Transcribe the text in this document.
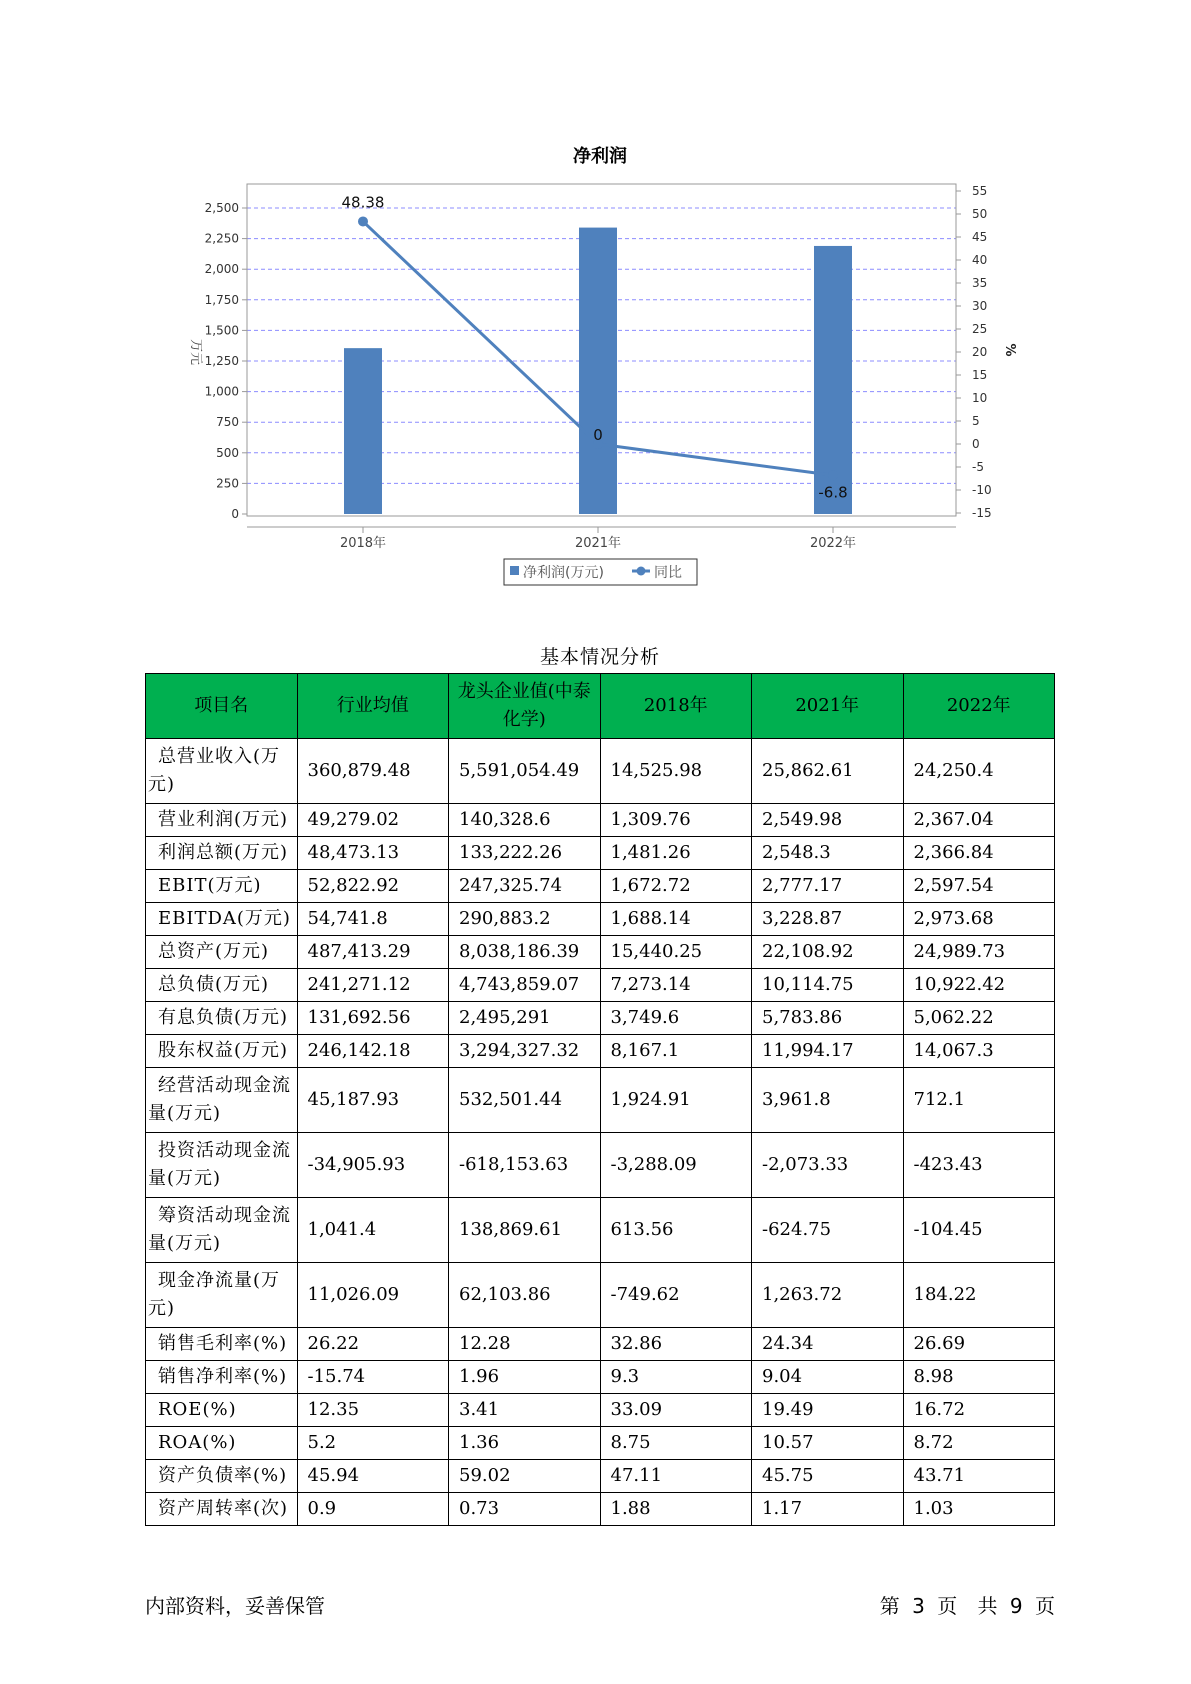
净利润
0
250
500
750
1,000
1,250
1,500
1,750
2,000
2,250
2,500
-15
-10
-5
0
5
10
15
20
25
30
35
40
45
50
55
万元	%
48.38
0
-6.8
2018年	2021年	2022年
净利润(万元)	同比
基本情况分析
项目名	行业均值	龙头企业值(中泰化学)	2018年	2021年	2022年
总营业收入(万元)	360,879.48	5,591,054.49	14,525.98	25,862.61	24,250.4
营业利润(万元)	49,279.02	140,328.6	1,309.76	2,549.98	2,367.04
利润总额(万元)	48,473.13	133,222.26	1,481.26	2,548.3	2,366.84
EBIT(万元)	52,822.92	247,325.74	1,672.72	2,777.17	2,597.54
EBITDA(万元)	54,741.8	290,883.2	1,688.14	3,228.87	2,973.68
总资产(万元)	487,413.29	8,038,186.39	15,440.25	22,108.92	24,989.73
总负债(万元)	241,271.12	4,743,859.07	7,273.14	10,114.75	10,922.42
有息负债(万元)	131,692.56	2,495,291	3,749.6	5,783.86	5,062.22
股东权益(万元)	246,142.18	3,294,327.32	8,167.1	11,994.17	14,067.3
经营活动现金流量(万元)	45,187.93	532,501.44	1,924.91	3,961.8	712.1
投资活动现金流量(万元)	-34,905.93	-618,153.63	-3,288.09	-2,073.33	-423.43
筹资活动现金流量(万元)	1,041.4	138,869.61	613.56	-624.75	-104.45
现金净流量(万元)	11,026.09	62,103.86	-749.62	1,263.72	184.22
销售毛利率(%)	26.22	12.28	32.86	24.34	26.69
销售净利率(%)	-15.74	1.96	9.3	9.04	8.98
ROE(%)	12.35	3.41	33.09	19.49	16.72
ROA(%)	5.2	1.36	8.75	10.57	8.72
资产负债率(%)	45.94	59.02	47.11	45.75	43.71
资产周转率(次)	0.9	0.73	1.88	1.17	1.03
内部资料，妥善保管	第 3 页 共 9 页
